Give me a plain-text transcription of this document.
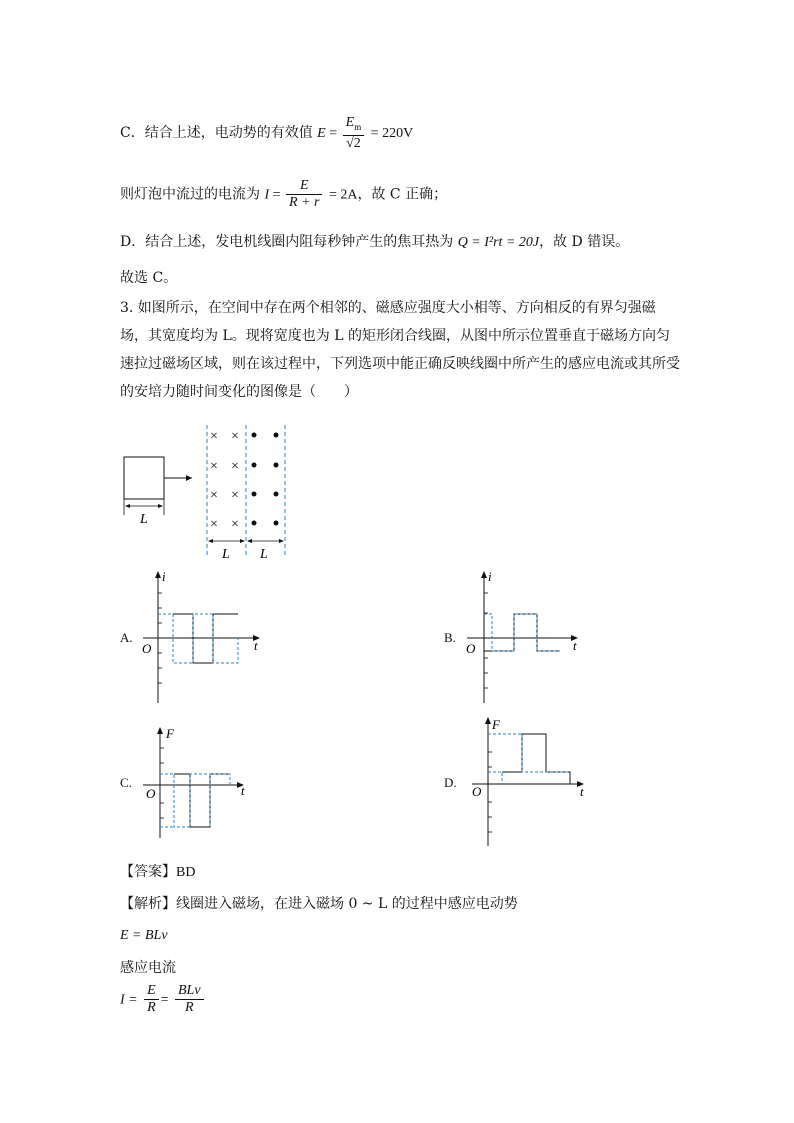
C．结合上述，电动势的有效值 $E = \frac{E_m}{√2} = 220V$
则灯泡中流过的电流为 $I = \frac{E}{R + r} = 2A$，故 C 正确；
D．结合上述，发电机线圈内阻每秒钟产生的焦耳热为 Q = I²rt = 20J，故 D 错误。
故选 C。
3. 如图所示，在空间中存在两个相邻的、磁感应强度大小相等、方向相反的有界匀强磁场，其宽度均为 L。现将宽度也为 L 的矩形闭合线圈，从图中所示位置垂直于磁场方向匀速拉过磁场区域，则在该过程中，下列选项中能正确反映线圈中所产生的感应电流或其所受的安培力随时间变化的图像是（　　）
L
× ×
× ×
× ×
× ×
L L
A.
i
t
O
B.
i
t
O
C.
F
t
O
D.
F
t
O
【答案】BD
【解析】线圈进入磁场，在进入磁场 0 ~ L 的过程中感应电动势
E = BLv
感应电流
$I = \frac{E}{R} = \frac{\text{BLv}}{R}$
